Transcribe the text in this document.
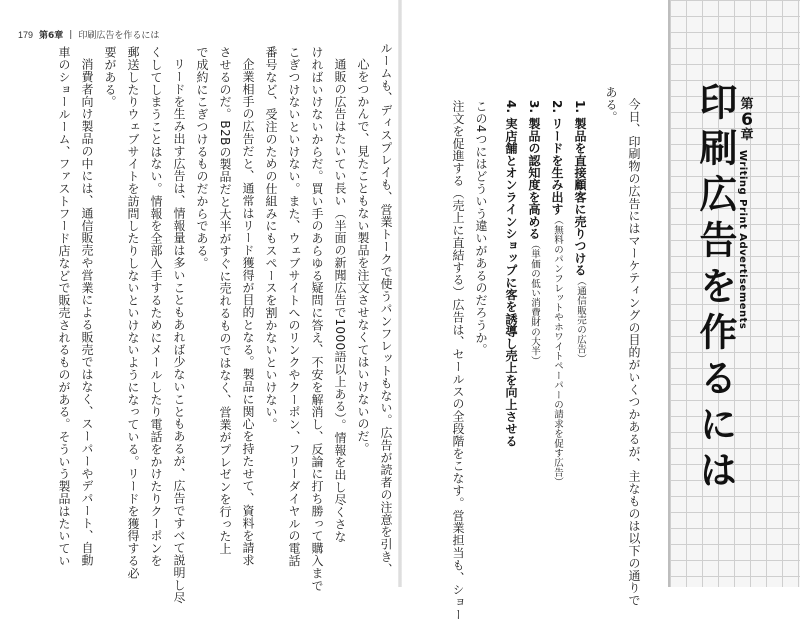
179 第6章 | 印刷広告を作るには
ルームも、ディスプレイも、営業トークで使うパンフレットもない。広告が読者の注意を引き、
心をつかんで、見たこともない製品を注文させなくてはいけないのだ。
通販の広告はたいてい長い（半面の新聞広告で1000語以上ある）。情報を出し尽くさな
ければいけないからだ。買い手のあらゆる疑問に答え、不安を解消し、反論に打ち勝って購入まで
こぎつけないといけない。また、ウェブサイトへのリンクやクーポン、フリーダイヤルの電話
番号など、受注のための仕組みにもスペースを割かないといけない。
企業相手の広告だと、通常はリード獲得が目的となる。製品に関心を持たせて、資料を請求
させるのだ。B2Bの製品だと大半がすぐに売れるものではなく、営業がプレゼンを行った上
で成約にこぎつけるものだからである。
リードを生み出す広告は、情報量は多いこともあれば少ないこともあるが、広告ですべて説明し尽
くしてしまうことはない。情報を全部入手するためにメールしたり電話をかけたりクーポンを
郵送したりウェブサイトを訪問したりしないといけないようになっている。リードを獲得する必
要がある。
消費者向け製品の中には、通信販売や営業による販売ではなく、スーパーやデパート、自動
車のショールーム、ファストフード店などで販売されるものがある。そういう製品はたいてい	今日、印刷物の広告にはマーケティングの目的がいくつかあるが、主なものは以下の通りで
ある。
1. 製品を直接顧客に売りつける（通信販売の広告）
2. リードを生み出す（無料のパンフレットやホワイトペーパーの請求を促す広告）
3. 製品の認知度を高める（単価の低い消費財の大半）
4. 実店舗とオンラインショップに客を誘導し売上を向上させる
この4つにはどういう違いがあるのだろうか。
注文を促進する（売上に直結する）広告は、セールスの全段階をこなす。営業担当も、ショー	印刷広告を作るには 第
6
章
Writing Print Advertisements
